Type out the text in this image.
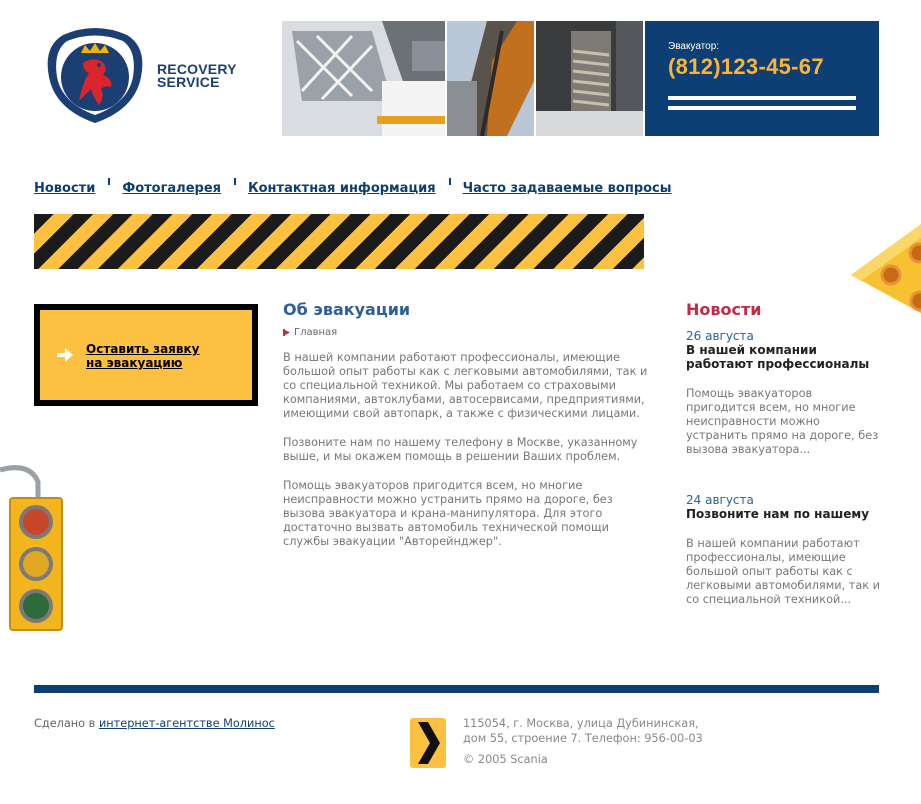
RECOVERY
SERVICE
Эвакуатор:
(812)123-45-67
Новости Фотогалерея Контактная информация Часто задаваемые вопросы
Оставить заявку
на эвакуацию
Об эвакуации
Главная

В нашей компании работают профессионалы, имеющие большой опыт работы как с легковыми автомобилями, так и со специальной техникой. Мы работаем со страховыми компаниями, автоклубами, автосервисами, предприятиями, имеющими свой автопарк, а также с физическими лицами.

Позвоните нам по нашему телефону в Москве, указанному выше, и мы окажем помощь в решении Ваших проблем.

Помощь эвакуаторов пригодится всем, но многие неисправности можно устранить прямо на дороге, без вызова эвакуатора и крана-манипулятора. Для этого достаточно вызвать автомобиль технической помощи службы эвакуации "Авторейнджер".

Новости
26 августа
В нашей компании работают профессионалы
Помощь эвакуаторов пригодится всем, но многие неисправности можно устранить прямо на дороге, без вызова эвакуатора...
24 августа
Позвоните нам по нашему
В нашей компании работают профессионалы, имеющие большой опыт работы как с легковыми автомобилями, так и со специальной техникой...
Сделано в интернет-агентстве Молинос	115054, г. Москва, улица Дубининская,
дом 55, строение 7. Телефон: 956-00-03
© 2005 Scania
